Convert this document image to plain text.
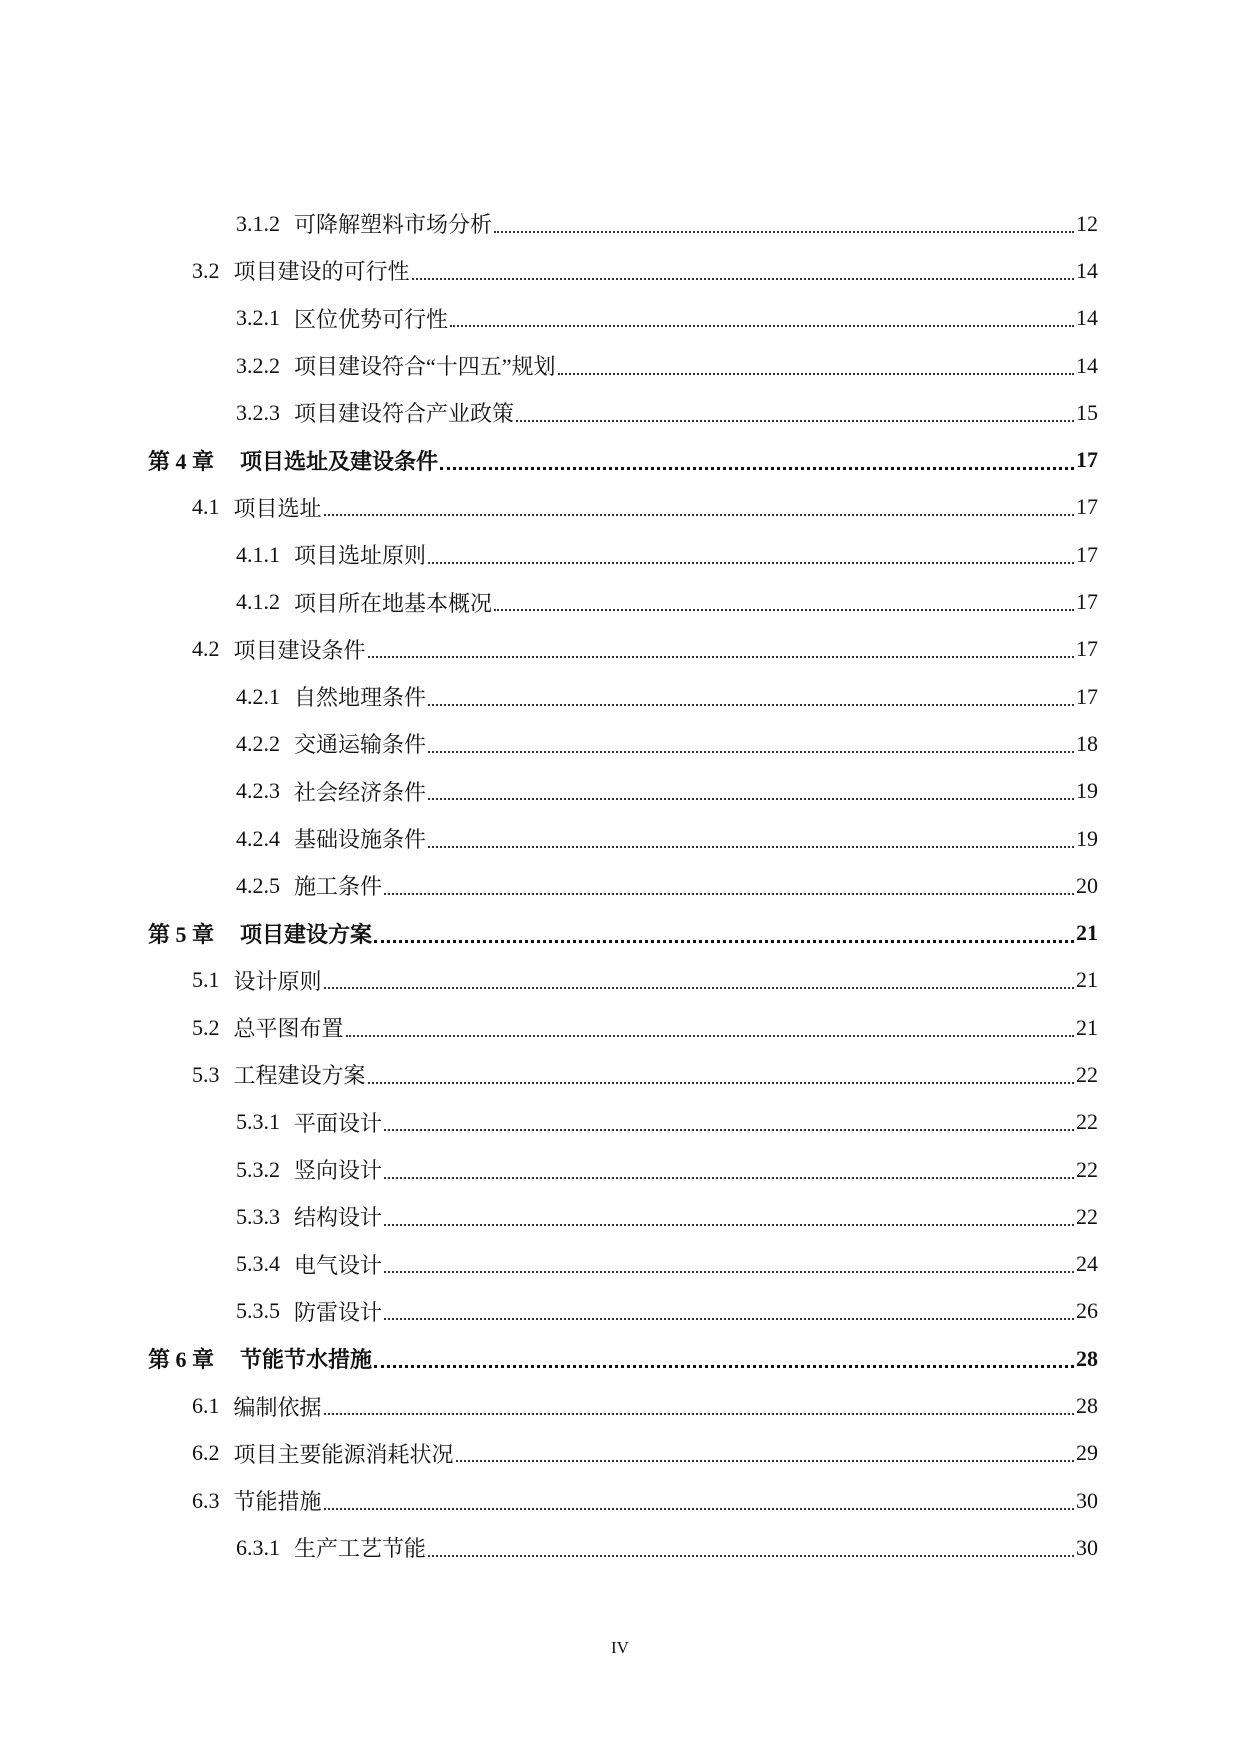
3.1.2 可降解塑料市场分析	12
3.2 项目建设的可行性	14
3.2.1 区位优势可行性	14
3.2.2 项目建设符合“十四五”规划	14
3.2.3 项目建设符合产业政策	15
第 4 章 项目选址及建设条件	17
4.1 项目选址	17
4.1.1 项目选址原则	17
4.1.2 项目所在地基本概况	17
4.2 项目建设条件	17
4.2.1 自然地理条件	17
4.2.2 交通运输条件	18
4.2.3 社会经济条件	19
4.2.4 基础设施条件	19
4.2.5 施工条件	20
第 5 章 项目建设方案	21
5.1 设计原则	21
5.2 总平图布置	21
5.3 工程建设方案	22
5.3.1 平面设计	22
5.3.2 竖向设计	22
5.3.3 结构设计	22
5.3.4 电气设计	24
5.3.5 防雷设计	26
第 6 章 节能节水措施	28
6.1 编制依据	28
6.2 项目主要能源消耗状况	29
6.3 节能措施	30
6.3.1 生产工艺节能	30
IV
